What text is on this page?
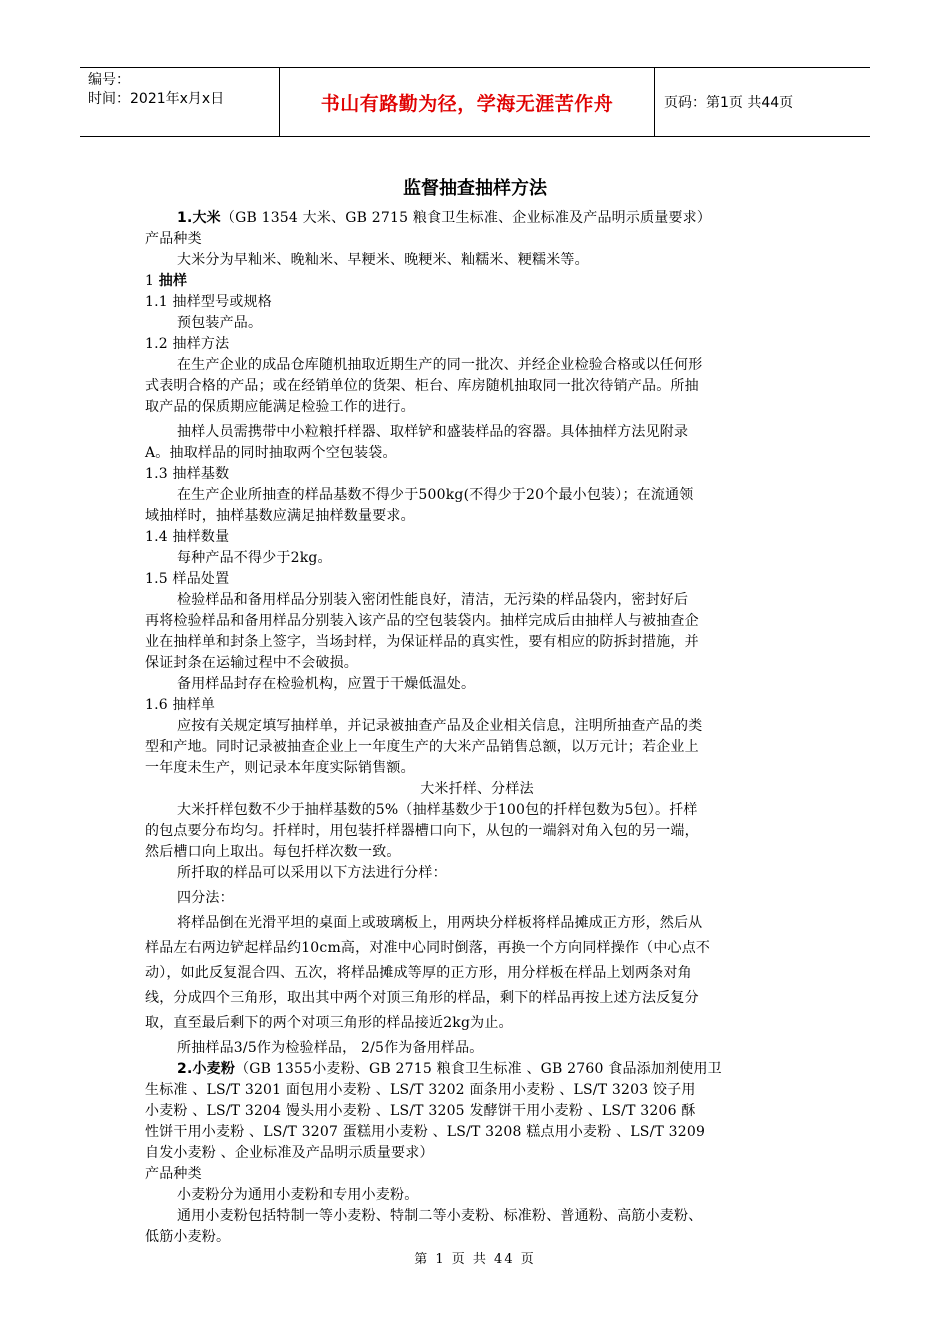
编号：
时间：2021年x月x日	书山有路勤为径，学海无涯苦作舟	页码：第1页 共44页
监督抽查抽样方法

1.大米（GB 1354 大米、GB 2715 粮食卫生标准、企业标准及产品明示质量要求）

产品种类

大米分为早籼米、晚籼米、早粳米、晚粳米、籼糯米、粳糯米等。

1 抽样

1.1 抽样型号或规格

预包装产品。

1.2 抽样方法

在生产企业的成品仓库随机抽取近期生产的同一批次、并经企业检验合格或以任何形

式表明合格的产品；或在经销单位的货架、柜台、库房随机抽取同一批次待销产品。所抽

取产品的保质期应能满足检验工作的进行。

抽样人员需携带中小粒粮扦样器、取样铲和盛装样品的容器。具体抽样方法见附录

A。抽取样品的同时抽取两个空包装袋。

1.3 抽样基数

在生产企业所抽查的样品基数不得少于500kg(不得少于20个最小包装）；在流通领

域抽样时，抽样基数应满足抽样数量要求。

1.4 抽样数量

每种产品不得少于2kg。

1.5 样品处置

检验样品和备用样品分别装入密闭性能良好，清洁，无污染的样品袋内，密封好后

再将检验样品和备用样品分别装入该产品的空包装袋内。抽样完成后由抽样人与被抽查企

业在抽样单和封条上签字，当场封样，为保证样品的真实性，要有相应的防拆封措施，并

保证封条在运输过程中不会破损。

备用样品封存在检验机构，应置于干燥低温处。

1.6 抽样单

应按有关规定填写抽样单，并记录被抽查产品及企业相关信息，注明所抽查产品的类

型和产地。同时记录被抽查企业上一年度生产的大米产品销售总额，以万元计；若企业上

一年度未生产，则记录本年度实际销售额。

大米扦样、分样法

大米扦样包数不少于抽样基数的5%（抽样基数少于100包的扦样包数为5包）。扦样

的包点要分布均匀。扦样时，用包装扦样器槽口向下，从包的一端斜对角入包的另一端，

然后槽口向上取出。每包扦样次数一致。

所扦取的样品可以采用以下方法进行分样：

四分法：

将样品倒在光滑平坦的桌面上或玻璃板上，用两块分样板将样品摊成正方形，然后从

样品左右两边铲起样品约10cm高，对准中心同时倒落，再换一个方向同样操作（中心点不

动），如此反复混合四、五次，将样品摊成等厚的正方形，用分样板在样品上划两条对角

线，分成四个三角形，取出其中两个对顶三角形的样品，剩下的样品再按上述方法反复分

取，直至最后剩下的两个对项三角形的样品接近2kg为止。

所抽样品3/5作为检验样品， 2/5作为备用样品。

2.小麦粉（GB 1355小麦粉、GB 2715 粮食卫生标准 、GB 2760 食品添加剂使用卫

生标准 、LS/T 3201 面包用小麦粉 、LS/T 3202 面条用小麦粉 、LS/T 3203 饺子用

小麦粉 、LS/T 3204 馒头用小麦粉 、LS/T 3205 发酵饼干用小麦粉 、LS/T 3206 酥

性饼干用小麦粉 、LS/T 3207 蛋糕用小麦粉 、LS/T 3208 糕点用小麦粉 、LS/T 3209

自发小麦粉 、企业标准及产品明示质量要求）

产品种类

小麦粉分为通用小麦粉和专用小麦粉。

通用小麦粉包括特制一等小麦粉、特制二等小麦粉、标准粉、普通粉、高筋小麦粉、

低筋小麦粉。

第 1 页 共 44 页
